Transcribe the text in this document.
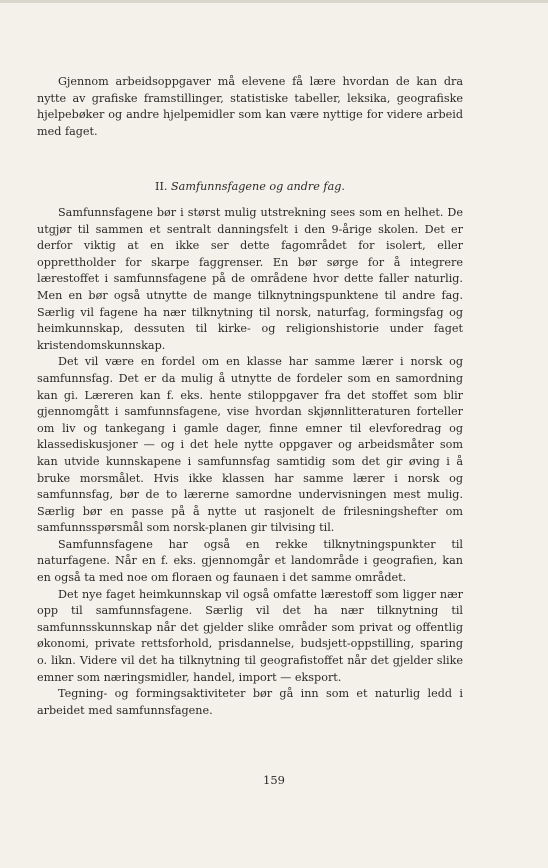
Gjennom arbeidsoppgaver må elevene få lære hvordan de kan dra nytte av grafiske framstillinger, statistiske tabeller, leksika, geografiske hjelpebøker og andre hjelpemidler som kan være nyttige for videre arbeid med faget.

II. Samfunnsfagene og andre fag.

Samfunnsfagene bør i størst mulig utstrekning sees som en helhet. De utgjør til sammen et sentralt danningsfelt i den 9-årige skolen. Det er derfor viktig at en ikke ser dette fagområdet for isolert, eller opprettholder for skarpe faggrenser. En bør sørge for å integrere lærestoffet i samfunnsfagene på de områdene hvor dette faller naturlig. Men en bør også utnytte de mange tilknytningspunktene til andre fag. Særlig vil fagene ha nær tilknytning til norsk, naturfag, formingsfag og heimkunnskap, dessuten til kirke- og religionshistorie under faget kristendomskunnskap.

Det vil være en fordel om en klasse har samme lærer i norsk og samfunnsfag. Det er da mulig å utnytte de fordeler som en samordning kan gi. Læreren kan f. eks. hente stiloppgaver fra det stoffet som blir gjennomgått i samfunnsfagene, vise hvordan skjønnlitteraturen forteller om liv og tankegang i gamle dager, finne emner til elevforedrag og klassediskusjoner — og i det hele nytte oppgaver og arbeidsmåter som kan utvide kunnskapene i samfunnsfag samtidig som det gir øving i å bruke morsmålet. Hvis ikke klassen har samme lærer i norsk og samfunnsfag, bør de to lærerne samordne undervisningen mest mulig. Særlig bør en passe på å nytte ut rasjonelt de frilesningshefter om samfunnsspørsmål som norsk-planen gir tilvising til.

Samfunnsfagene har også en rekke tilknytningspunkter til naturfagene. Når en f. eks. gjennomgår et landområde i geografien, kan en også ta med noe om floraen og faunaen i det samme området.

Det nye faget heimkunnskap vil også omfatte lærestoff som ligger nær opp til samfunnsfagene. Særlig vil det ha nær tilknytning til samfunnsskunnskap når det gjelder slike områder som privat og offentlig økonomi, private rettsforhold, prisdannelse, budsjett-oppstilling, sparing o. likn. Videre vil det ha tilknytning til geografistoffet når det gjelder slike emner som næringsmidler, handel, import — eksport.

Tegning- og formingsaktiviteter bør gå inn som et naturlig ledd i arbeidet med samfunnsfagene.

159
